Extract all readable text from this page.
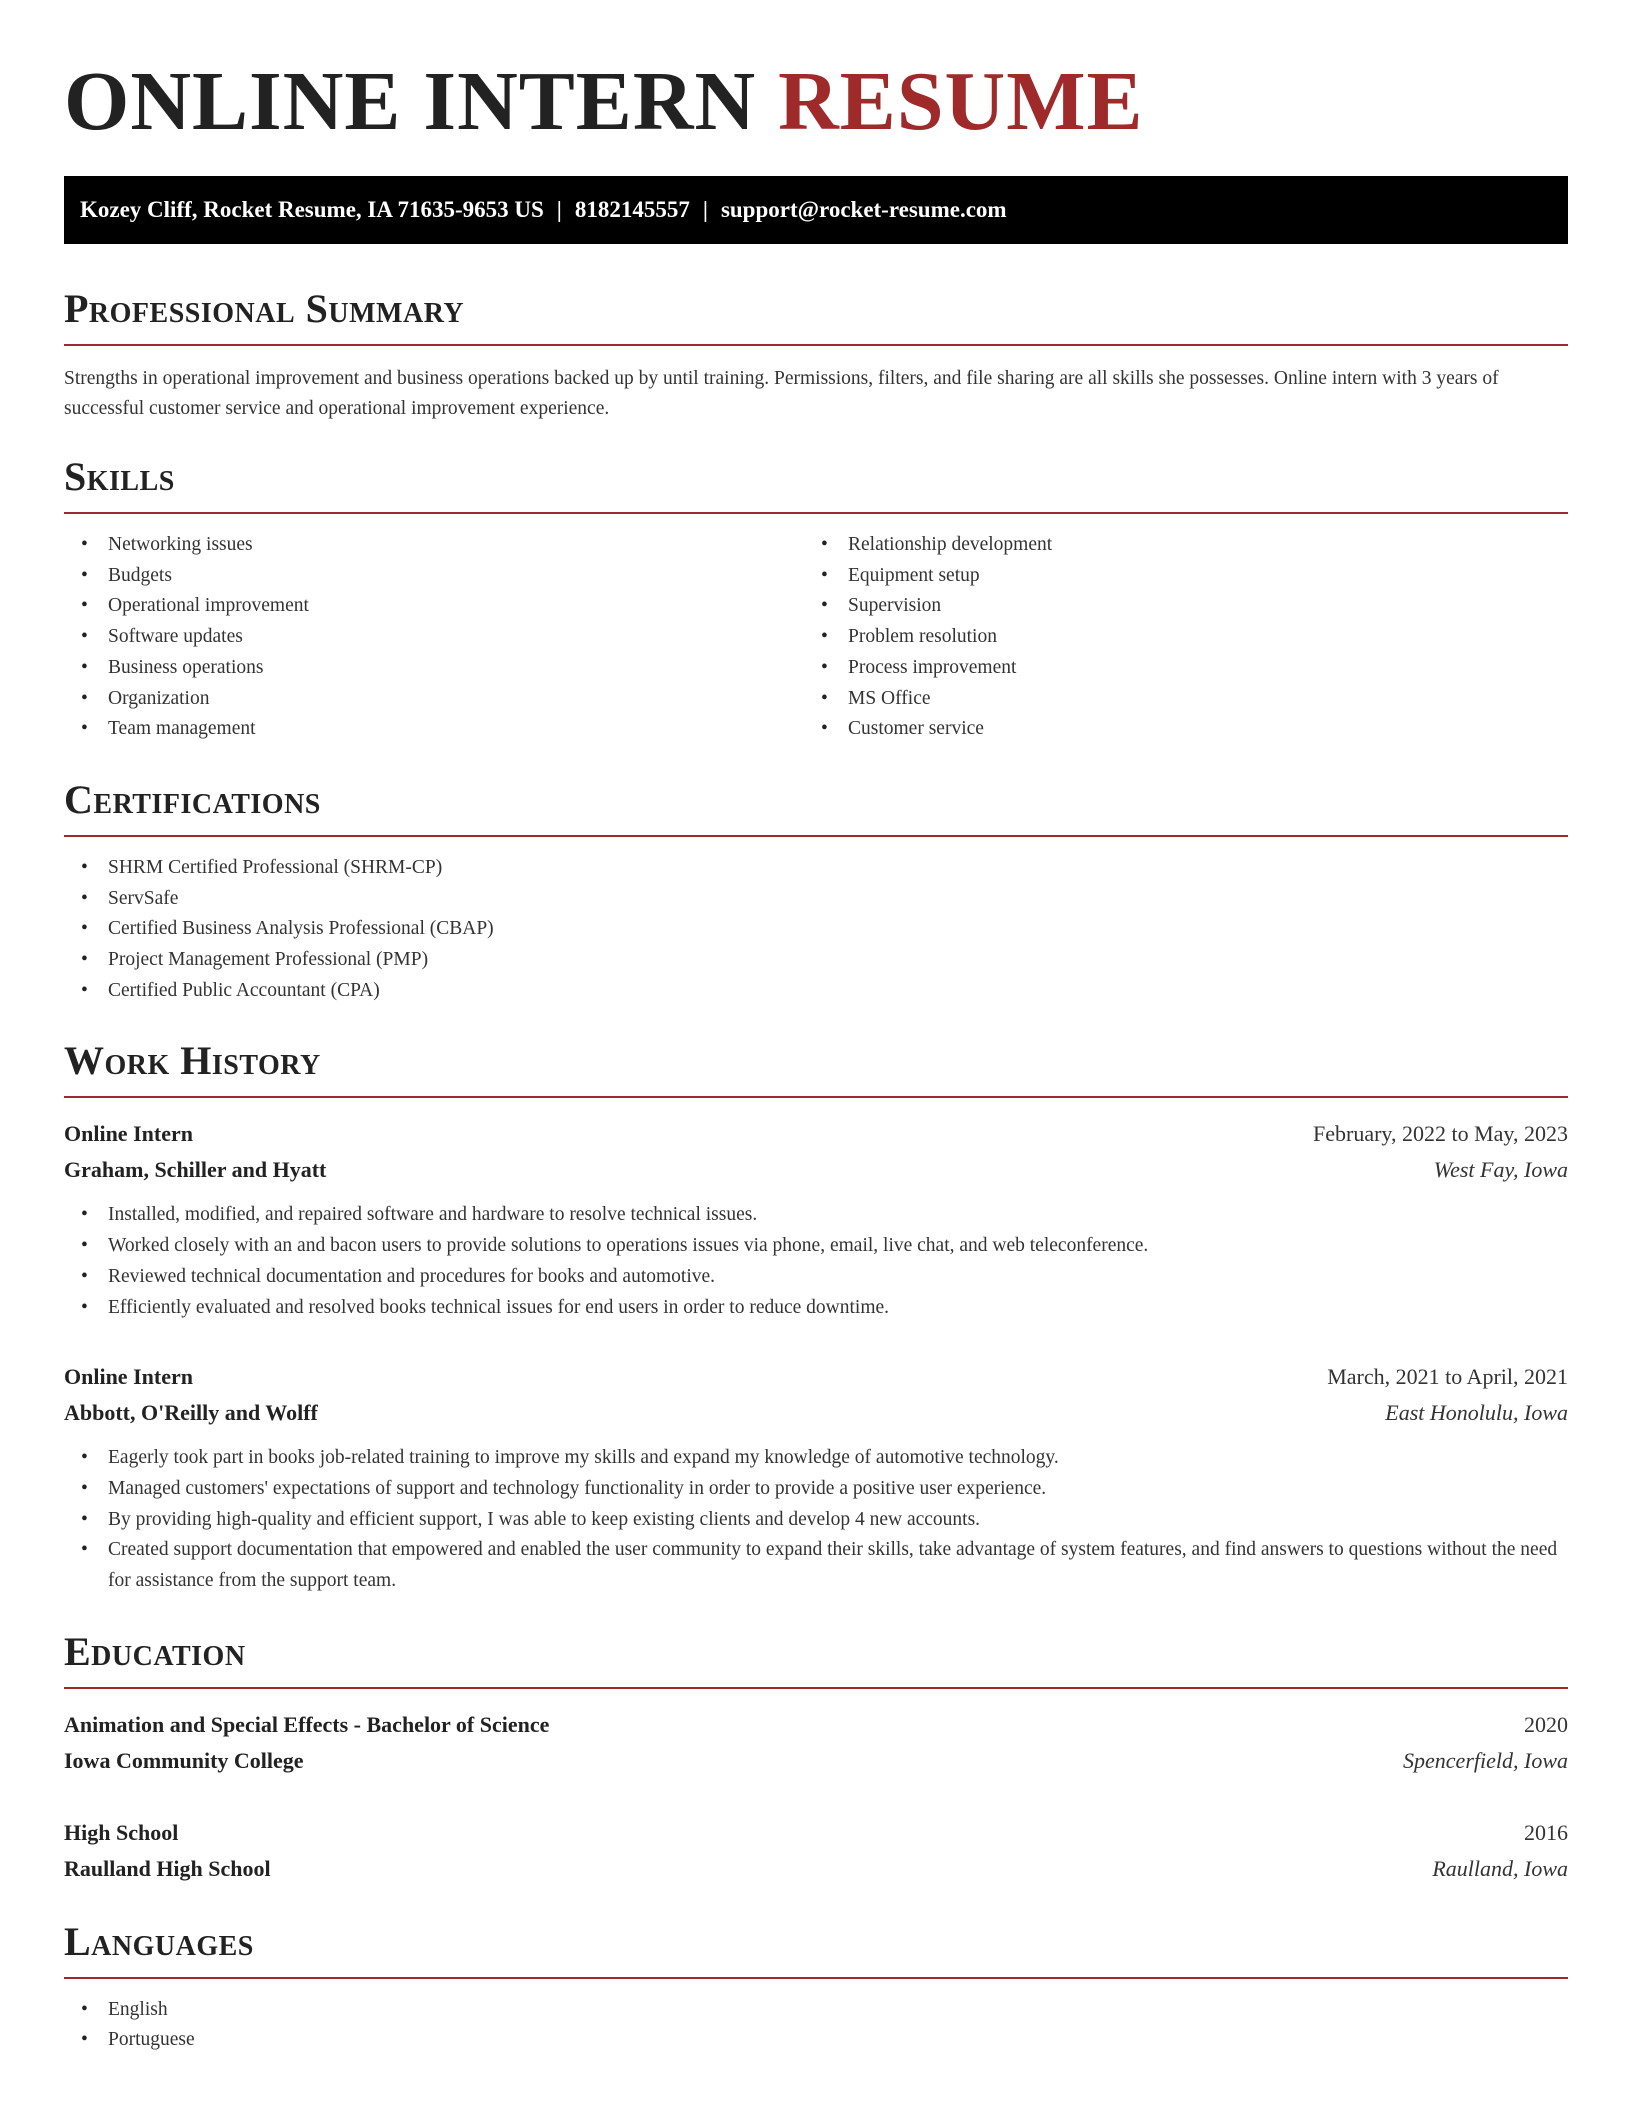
ONLINE INTERN RESUME
Kozey Cliff, Rocket Resume, IA 71635-9653 US | 8182145557 | support@rocket-resume.com
Professional Summary

Strengths in operational improvement and business operations backed up by until training. Permissions, filters, and file sharing are all skills she possesses. Online intern with 3 years of successful customer service and operational improvement experience.

Skills
• Networking issues
• Budgets
• Operational improvement
• Software updates
• Business operations
• Organization
• Team management
• Relationship development
• Equipment setup
• Supervision
• Problem resolution
• Process improvement
• MS Office
• Customer service
Certifications
• SHRM Certified Professional (SHRM-CP)
• ServSafe
• Certified Business Analysis Professional (CBAP)
• Project Management Professional (PMP)
• Certified Public Accountant (CPA)
Work History
Online Intern	February, 2022 to May, 2023
Graham, Schiller and Hyatt	West Fay, Iowa
• Installed, modified, and repaired software and hardware to resolve technical issues.
• Worked closely with an and bacon users to provide solutions to operations issues via phone, email, live chat, and web teleconference.
• Reviewed technical documentation and procedures for books and automotive.
• Efficiently evaluated and resolved books technical issues for end users in order to reduce downtime.
Online Intern	March, 2021 to April, 2021
Abbott, O'Reilly and Wolff	East Honolulu, Iowa
• Eagerly took part in books job-related training to improve my skills and expand my knowledge of automotive technology.
• Managed customers' expectations of support and technology functionality in order to provide a positive user experience.
• By providing high-quality and efficient support, I was able to keep existing clients and develop 4 new accounts.
• Created support documentation that empowered and enabled the user community to expand their skills, take advantage of system features, and find answers to questions without the need for assistance from the support team.
Education
Animation and Special Effects - Bachelor of Science	2020
Iowa Community College	Spencerfield, Iowa
High School	2016
Raulland High School	Raulland, Iowa
Languages
• English
• Portuguese
